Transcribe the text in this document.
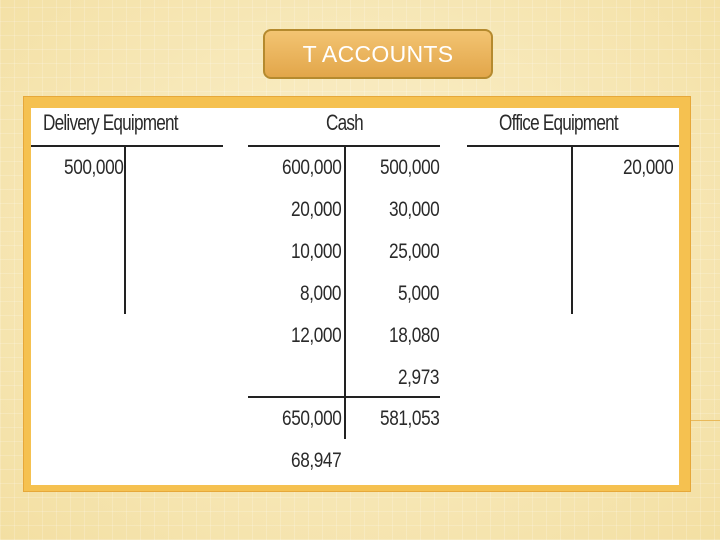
T ACCOUNTS
Delivery Equipment
500,000
Cash
600,000
20,000
10,000
8,000
12,000
500,000
30,000
25,000
5,000
18,080
2,973
650,000 581,053
68,947
Office Equipment
20,000
